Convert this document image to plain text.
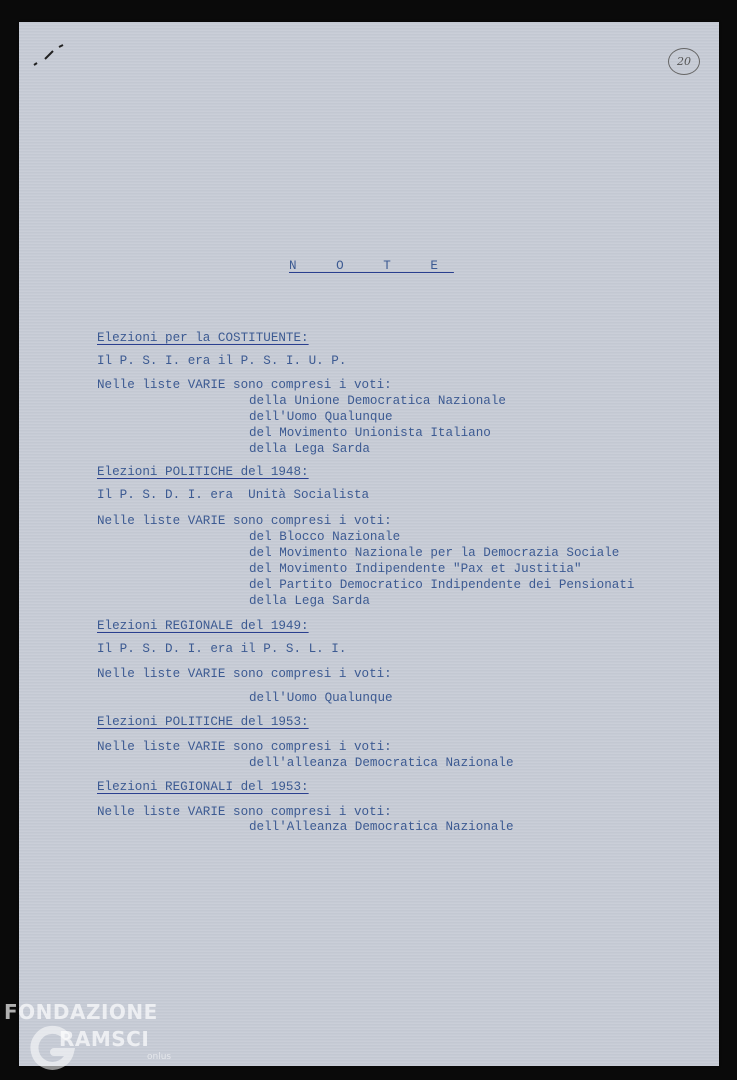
20

N O T E

Elezioni per la COSTITUENTE:

Il P. S. I. era il P. S. I. U. P.

Nelle liste VARIE sono compresi i voti:

della Unione Democratica Nazionale

dell'Uomo Qualunque

del Movimento Unionista Italiano

della Lega Sarda

Elezioni POLITICHE del 1948:

Il P. S. D. I. era  Unità Socialista

Nelle liste VARIE sono compresi i voti:

del Blocco Nazionale

del Movimento Nazionale per la Democrazia Sociale

del Movimento Indipendente "Pax et Justitia"

del Partito Democratico Indipendente dei Pensionati

della Lega Sarda

Elezioni REGIONALE del 1949:

Il P. S. D. I. era il P. S. L. I.

Nelle liste VARIE sono compresi i voti:

dell'Uomo Qualunque

Elezioni POLITICHE del 1953:

Nelle liste VARIE sono compresi i voti:

dell'alleanza Democratica Nazionale

Elezioni REGIONALI del 1953:

Nelle liste VARIE sono compresi i voti:

dell'Alleanza Democratica Nazionale

FONDAZIONE

RAMSCI

onlus
